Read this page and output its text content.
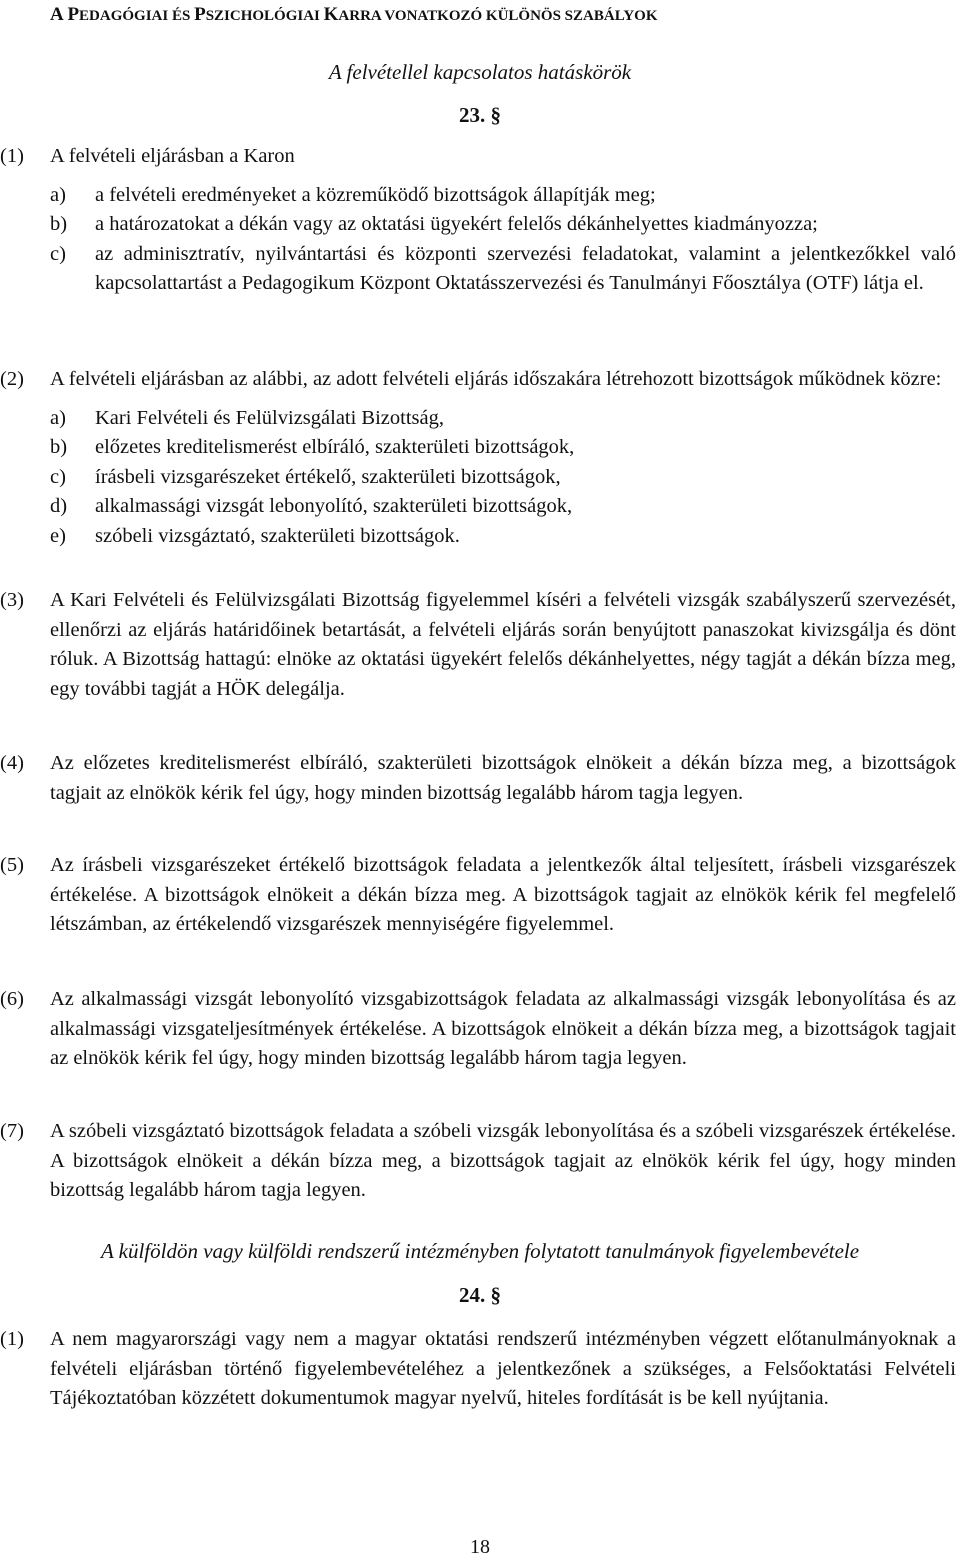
A PEDAGÓGIAI ÉS PSZICHOLÓGIAI KARRA VONATKOZÓ KÜLÖNÖS SZABÁLYOK
A felvétellel kapcsolatos hatáskörök
23. §
(1) A felvételi eljárásban a Karon
a) a felvételi eredményeket a közreműködő bizottságok állapítják meg;
b) a határozatokat a dékán vagy az oktatási ügyekért felelős dékánhelyettes kiadmányozza;
c) az adminisztratív, nyilvántartási és központi szervezési feladatokat, valamint a jelentkezőkkel való kapcsolattartást a Pedagogikum Központ Oktatásszervezési és Tanulmányi Főosztálya (OTF) látja el.
(2) A felvételi eljárásban az alábbi, az adott felvételi eljárás időszakára létrehozott bizottságok működnek közre:
a) Kari Felvételi és Felülvizsgálati Bizottság,
b) előzetes kreditelismerést elbíráló, szakterületi bizottságok,
c) írásbeli vizsgarészeket értékelő, szakterületi bizottságok,
d) alkalmassági vizsgát lebonyolító, szakterületi bizottságok,
e) szóbeli vizsgáztató, szakterületi bizottságok.
(3) A Kari Felvételi és Felülvizsgálati Bizottság figyelemmel kíséri a felvételi vizsgák szabályszerű szervezését, ellenőrzi az eljárás határidőinek betartását, a felvételi eljárás során benyújtott panaszokat kivizsgálja és dönt róluk. A Bizottság hattagú: elnöke az oktatási ügyekért felelős dékánhelyettes, négy tagját a dékán bízza meg, egy további tagját a HÖK delegálja.
(4) Az előzetes kreditelismerést elbíráló, szakterületi bizottságok elnökeit a dékán bízza meg, a bizottságok tagjait az elnökök kérik fel úgy, hogy minden bizottság legalább három tagja legyen.
(5) Az írásbeli vizsgarészeket értékelő bizottságok feladata a jelentkezők által teljesített, írásbeli vizsgarészek értékelése. A bizottságok elnökeit a dékán bízza meg. A bizottságok tagjait az elnökök kérik fel megfelelő létszámban, az értékelendő vizsgarészek mennyiségére figyelemmel.
(6) Az alkalmassági vizsgát lebonyolító vizsgabizottságok feladata az alkalmassági vizsgák lebonyolítása és az alkalmassági vizsgateljesítmények értékelése. A bizottságok elnökeit a dékán bízza meg, a bizottságok tagjait az elnökök kérik fel úgy, hogy minden bizottság legalább három tagja legyen.
(7) A szóbeli vizsgáztató bizottságok feladata a szóbeli vizsgák lebonyolítása és a szóbeli vizsgarészek értékelése. A bizottságok elnökeit a dékán bízza meg, a bizottságok tagjait az elnökök kérik fel úgy, hogy minden bizottság legalább három tagja legyen.
A külföldön vagy külföldi rendszerű intézményben folytatott tanulmányok figyelembevétele
24. §
(1) A nem magyarországi vagy nem a magyar oktatási rendszerű intézményben végzett előtanulmányoknak a felvételi eljárásban történő figyelembevételéhez a jelentkezőnek a szükséges, a Felsőoktatási Felvételi Tájékoztatóban közzétett dokumentumok magyar nyelvű, hiteles fordítását is be kell nyújtania.
18
